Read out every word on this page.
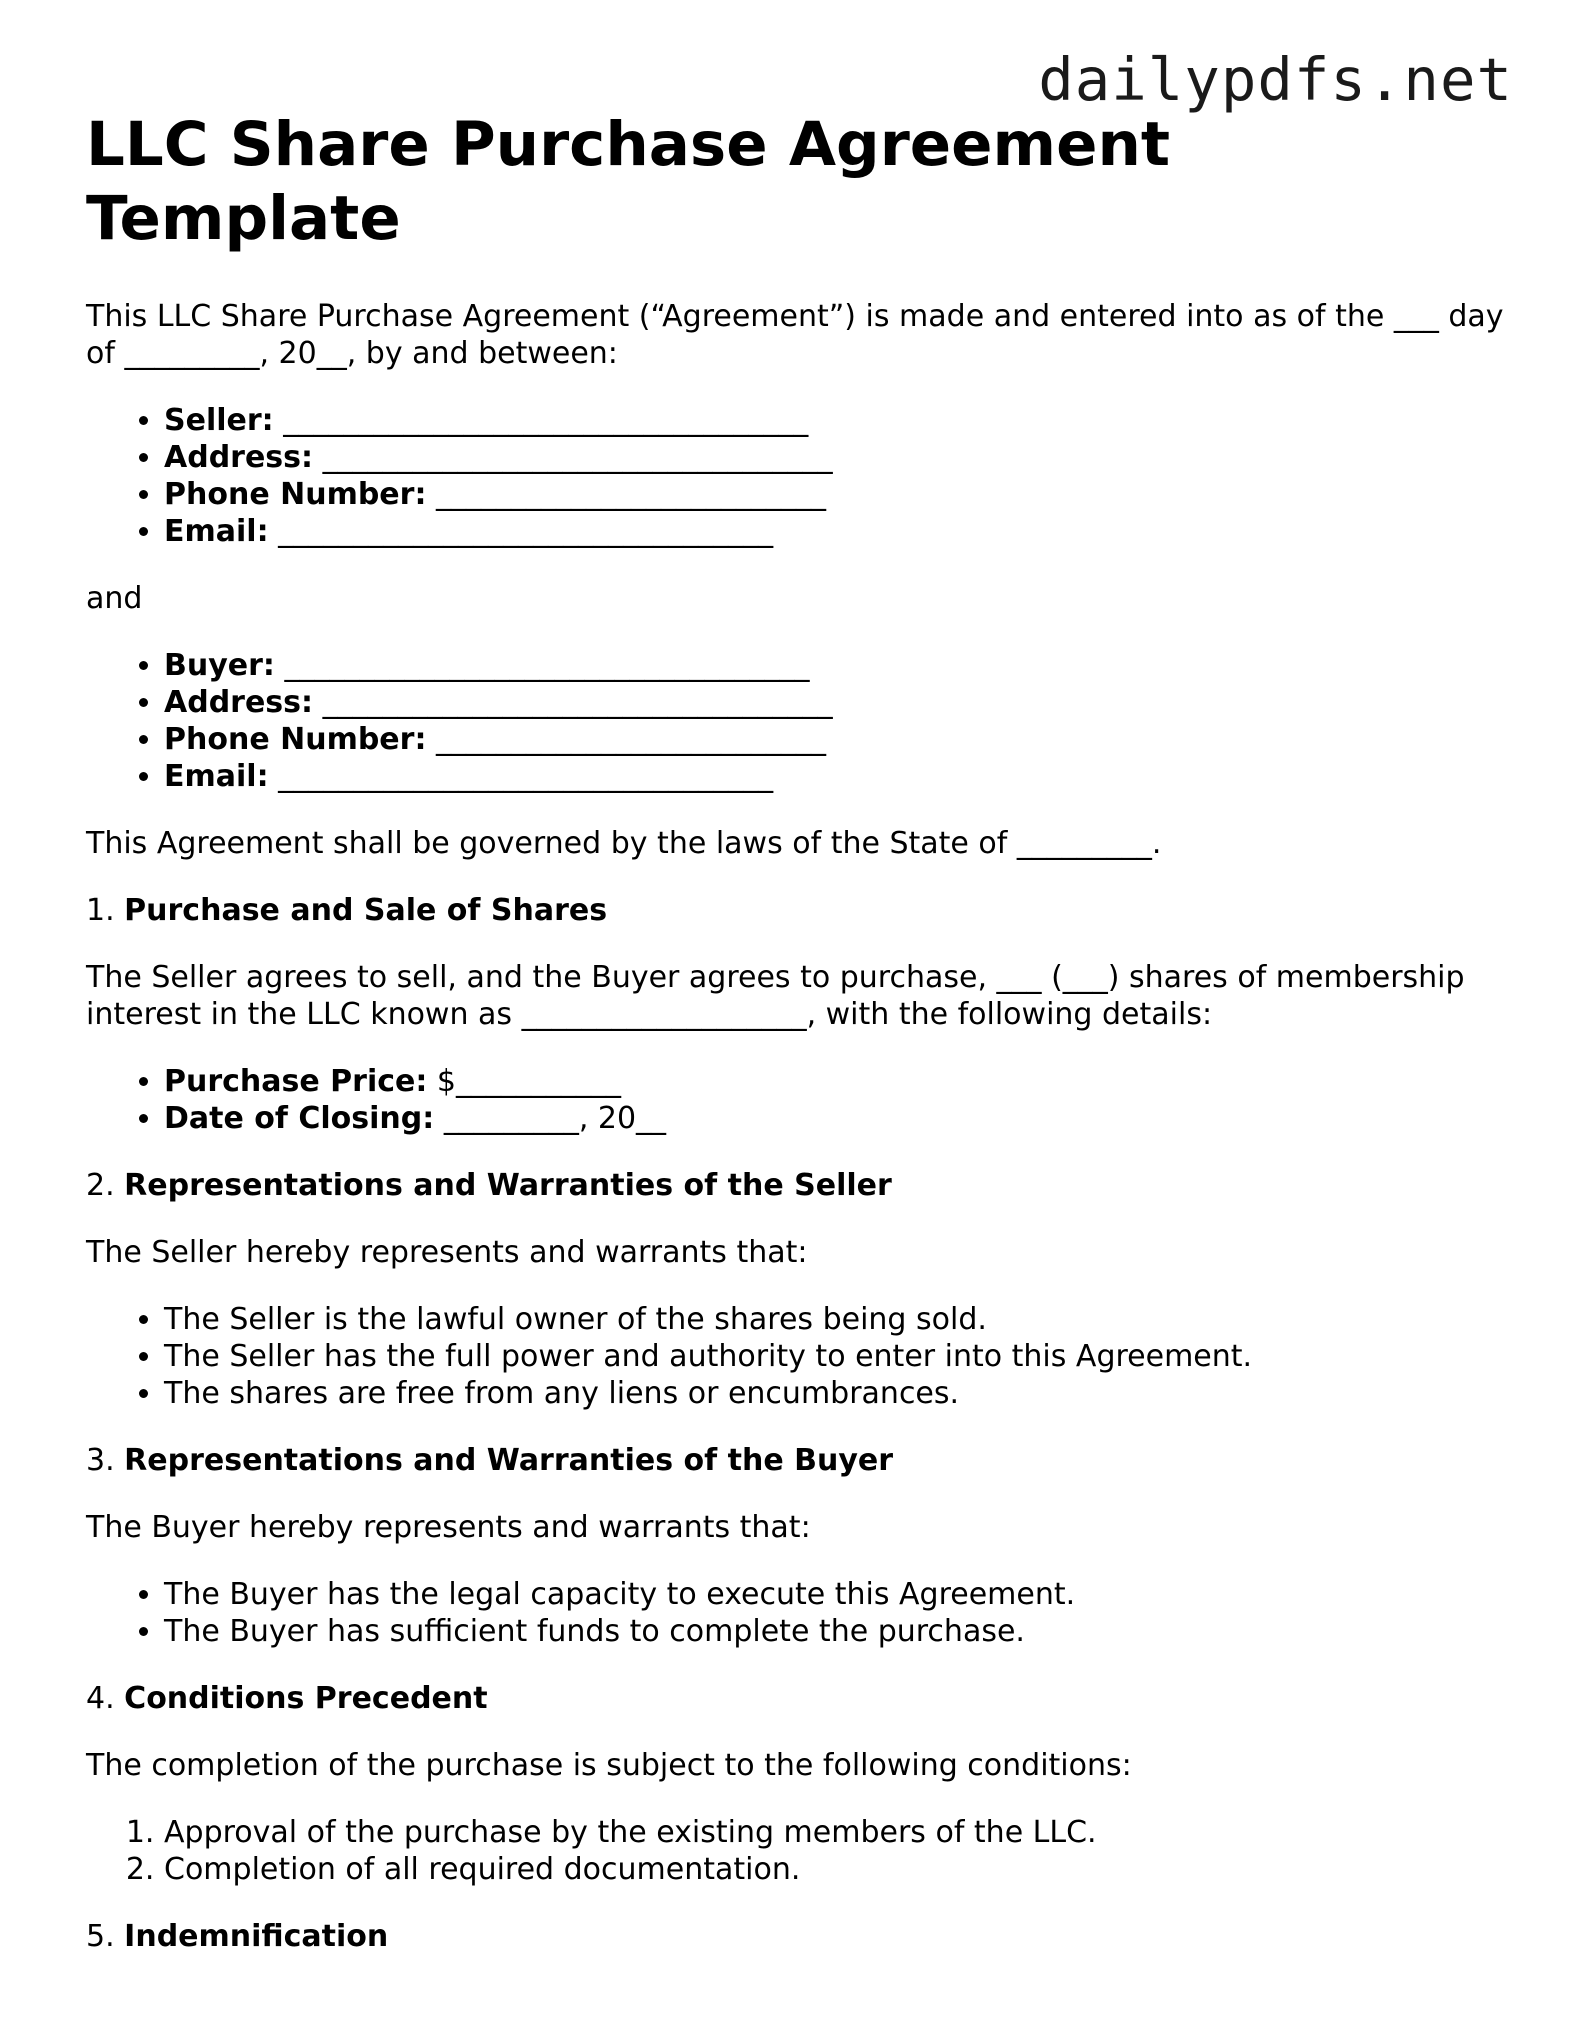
dailypdfs.net
LLC Share Purchase Agreement Template

This LLC Share Purchase Agreement (“Agreement”) is made and entered into as of the ___ day of _________, 20__, by and between:

• Seller: ___________________________________
• Address: __________________________________
• Phone Number: __________________________
• Email: _________________________________

and

• Buyer: ___________________________________
• Address: __________________________________
• Phone Number: __________________________
• Email: _________________________________

This Agreement shall be governed by the laws of the State of _________.

1. Purchase and Sale of Shares

The Seller agrees to sell, and the Buyer agrees to purchase, ___ (___) shares of membership interest in the LLC known as ___________________, with the following details:

• Purchase Price: $___________
• Date of Closing: _________, 20__

2. Representations and Warranties of the Seller

The Seller hereby represents and warrants that:

• The Seller is the lawful owner of the shares being sold.
• The Seller has the full power and authority to enter into this Agreement.
• The shares are free from any liens or encumbrances.

3. Representations and Warranties of the Buyer

The Buyer hereby represents and warrants that:

• The Buyer has the legal capacity to execute this Agreement.
• The Buyer has sufficient funds to complete the purchase.

4. Conditions Precedent

The completion of the purchase is subject to the following conditions:

1. Approval of the purchase by the existing members of the LLC.
2. Completion of all required documentation.

5. Indemnification
